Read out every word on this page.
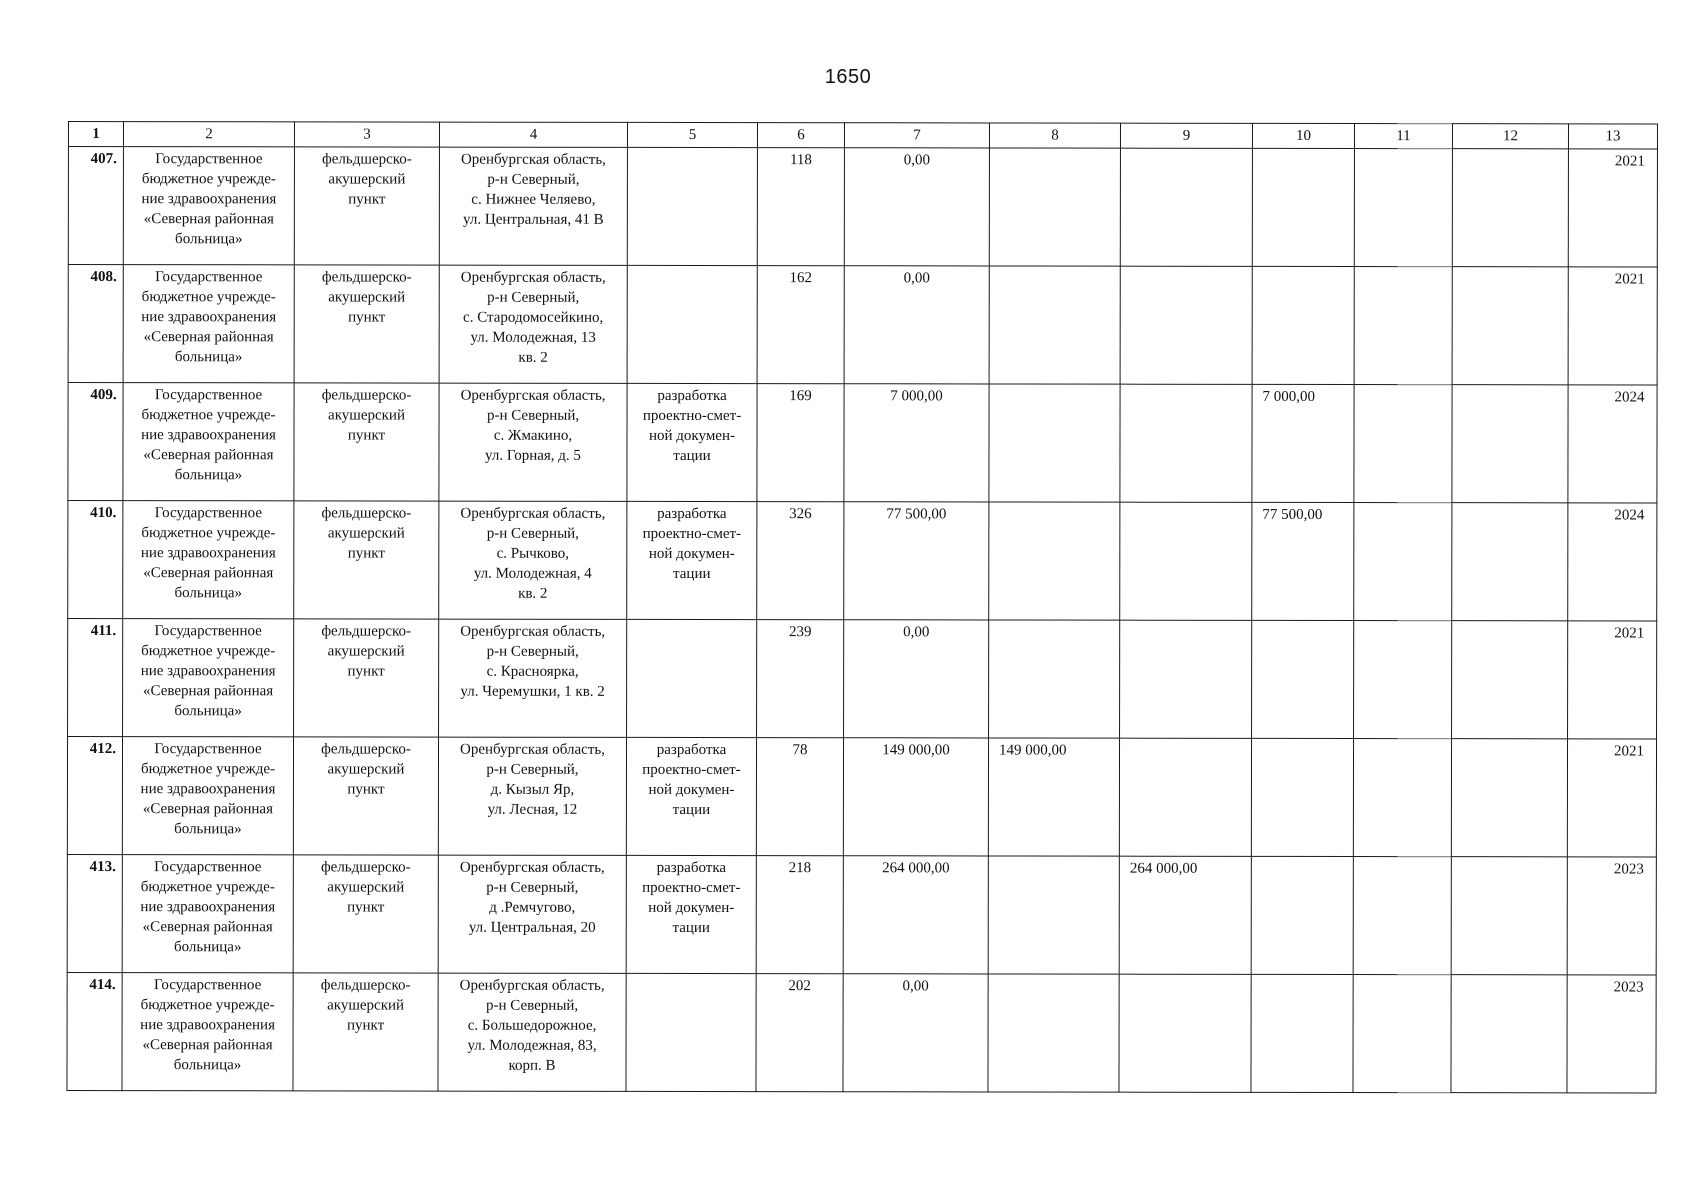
1650
1	2	3	4	5	6	7	8	9	10	11	12	13
407.	Государственное
бюджетное учрежде-
ние здравоохранения
«Северная районная
больница»	фельдшерско-
акушерский
пункт	Оренбургская область,
р-н Северный,
с. Нижнее Челяево,
ул. Центральная, 41 В		118	0,00						2021
408.	Государственное
бюджетное учрежде-
ние здравоохранения
«Северная районная
больница»	фельдшерско-
акушерский
пункт	Оренбургская область,
р-н Северный,
с. Стародомосейкино,
ул. Молодежная, 13
кв. 2		162	0,00						2021
409.	Государственное
бюджетное учрежде-
ние здравоохранения
«Северная районная
больница»	фельдшерско-
акушерский
пункт	Оренбургская область,
р-н Северный,
с. Жмакино,
ул. Горная, д. 5	разработка
проектно-смет-
ной докумен-
тации	169	7 000,00			7 000,00			2024
410.	Государственное
бюджетное учрежде-
ние здравоохранения
«Северная районная
больница»	фельдшерско-
акушерский
пункт	Оренбургская область,
р-н Северный,
с. Рычково,
ул. Молодежная, 4
кв. 2	разработка
проектно-смет-
ной докумен-
тации	326	77 500,00			77 500,00			2024
411.	Государственное
бюджетное учрежде-
ние здравоохранения
«Северная районная
больница»	фельдшерско-
акушерский
пункт	Оренбургская область,
р-н Северный,
с. Красноярка,
ул. Черемушки, 1 кв. 2		239	0,00						2021
412.	Государственное
бюджетное учрежде-
ние здравоохранения
«Северная районная
больница»	фельдшерско-
акушерский
пункт	Оренбургская область,
р-н Северный,
д. Кызыл Яр,
ул. Лесная, 12	разработка
проектно-смет-
ной докумен-
тации	78	149 000,00	149 000,00					2021
413.	Государственное
бюджетное учрежде-
ние здравоохранения
«Северная районная
больница»	фельдшерско-
акушерский
пункт	Оренбургская область,
р-н Северный,
д .Ремчугово,
ул. Центральная, 20	разработка
проектно-смет-
ной докумен-
тации	218	264 000,00		264 000,00				2023
414.	Государственное
бюджетное учрежде-
ние здравоохранения
«Северная районная
больница»	фельдшерско-
акушерский
пункт	Оренбургская область,
р-н Северный,
с. Большедорожное,
ул. Молодежная, 83,
корп. В		202	0,00						2023
